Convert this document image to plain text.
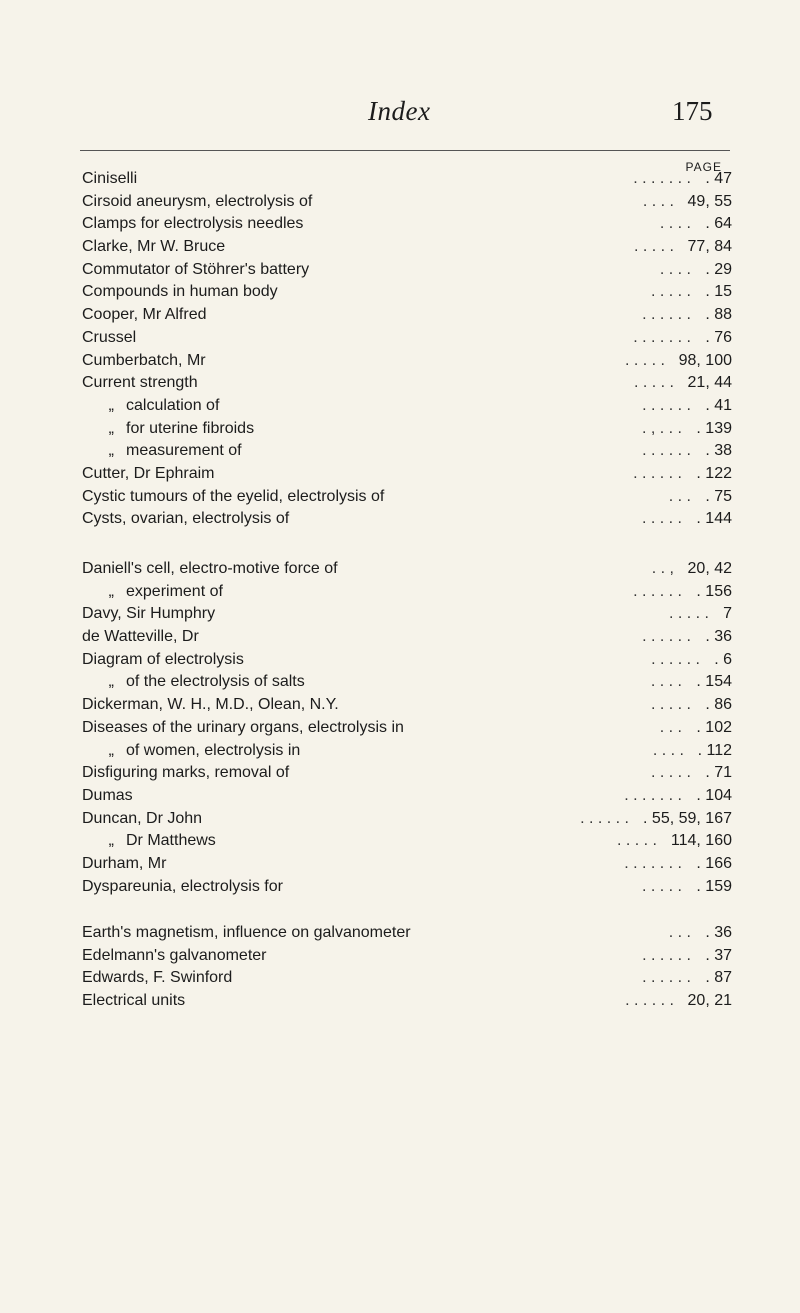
Index	175
PAGE
Ciniselli	. . . . . . . . 47
Cirsoid aneurysm, electrolysis of	. . . . 49, 55
Clamps for electrolysis needles	. . . . . 64
Clarke, Mr W. Bruce	. . . . . 77, 84
Commutator of Stöhrer's battery	. . . . . 29
Compounds in human body	. . . . . . 15
Cooper, Mr Alfred	. . . . . . . 88
Crussel	. . . . . . . . 76
Cumberbatch, Mr	. . . . . 98, 100
Current strength	. . . . . 21, 44
„ calculation of	. . . . . . . 41
„ for uterine fibroids	. , . . . . 139
„ measurement of	. . . . . . . 38
Cutter, Dr Ephraim	. . . . . . . 122
Cystic tumours of the eyelid, electrolysis of	. . . . 75
Cysts, ovarian, electrolysis of	. . . . . . 144
Daniell's cell, electro-motive force of	. . , 20, 42
„ experiment of	. . . . . . . 156
Davy, Sir Humphry	. . . . . 7
de Watteville, Dr	. . . . . . . 36
Diagram of electrolysis	. . . . . . . 6
„ of the electrolysis of salts	. . . . . 154
Dickerman, W. H., M.D., Olean, N.Y.	. . . . . . 86
Diseases of the urinary organs, electrolysis in	. . . . 102
„ of women, electrolysis in	. . . . . 112
Disfiguring marks, removal of	. . . . . . 71
Dumas	. . . . . . . . 104
Duncan, Dr John	. . . . . . . 55, 59, 167
„ Dr Matthews	. . . . . 114, 160
Durham, Mr	. . . . . . . . 166
Dyspareunia, electrolysis for	. . . . . . 159
Earth's magnetism, influence on galvanometer	. . . . 36
Edelmann's galvanometer	. . . . . . . 37
Edwards, F. Swinford	. . . . . . . 87
Electrical units	. . . . . . 20, 21
